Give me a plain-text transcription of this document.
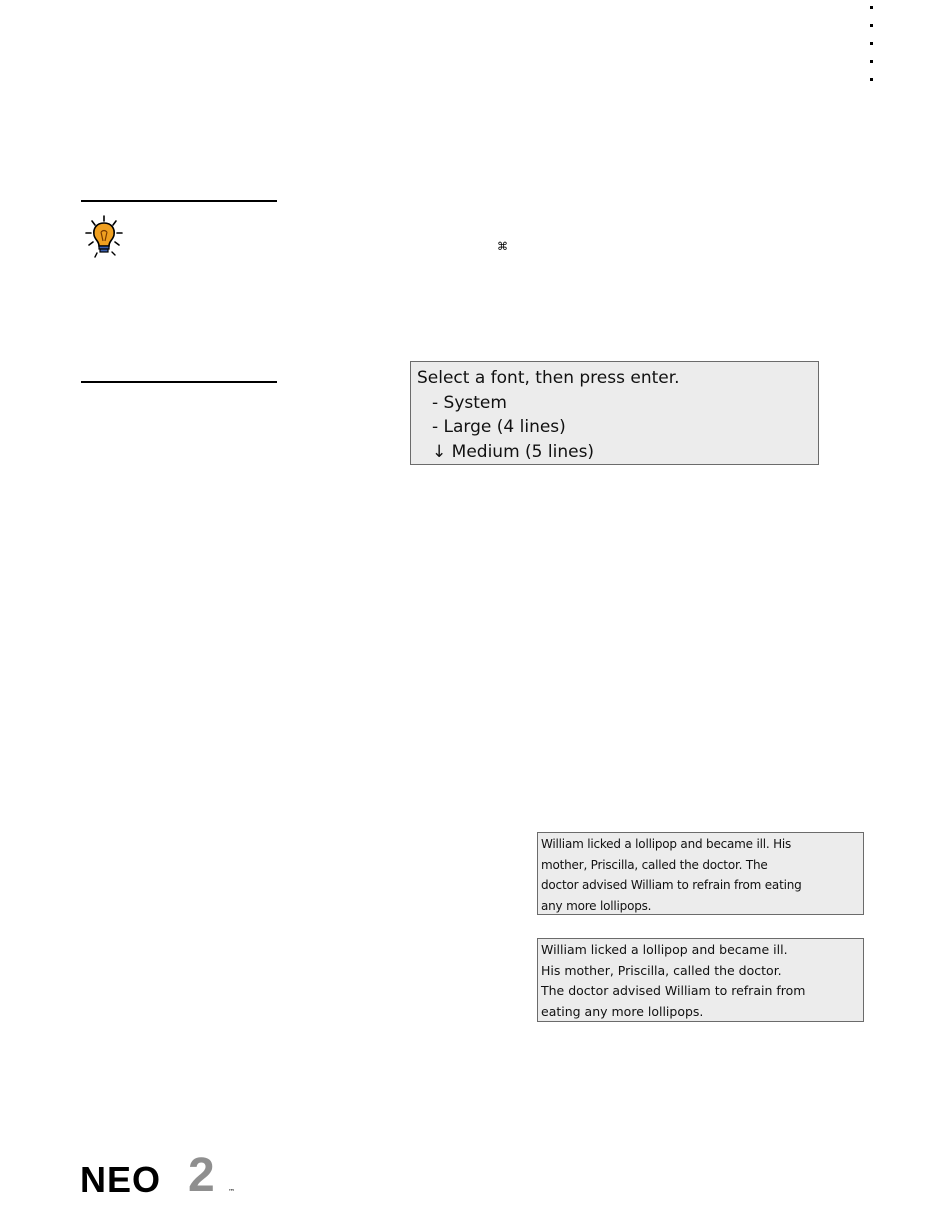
⌘
Select a font, then press enter.
- System
- Large (4 lines)
↓ Medium (5 lines)
William licked a lollipop and became ill. His
mother, Priscilla, called the doctor. The
doctor advised William to refrain from eating
any more lollipops.
William licked a lollipop and became ill.
His mother, Priscilla, called the doctor.
The doctor advised William to refrain from
eating any more lollipops.
2
NEO	™
